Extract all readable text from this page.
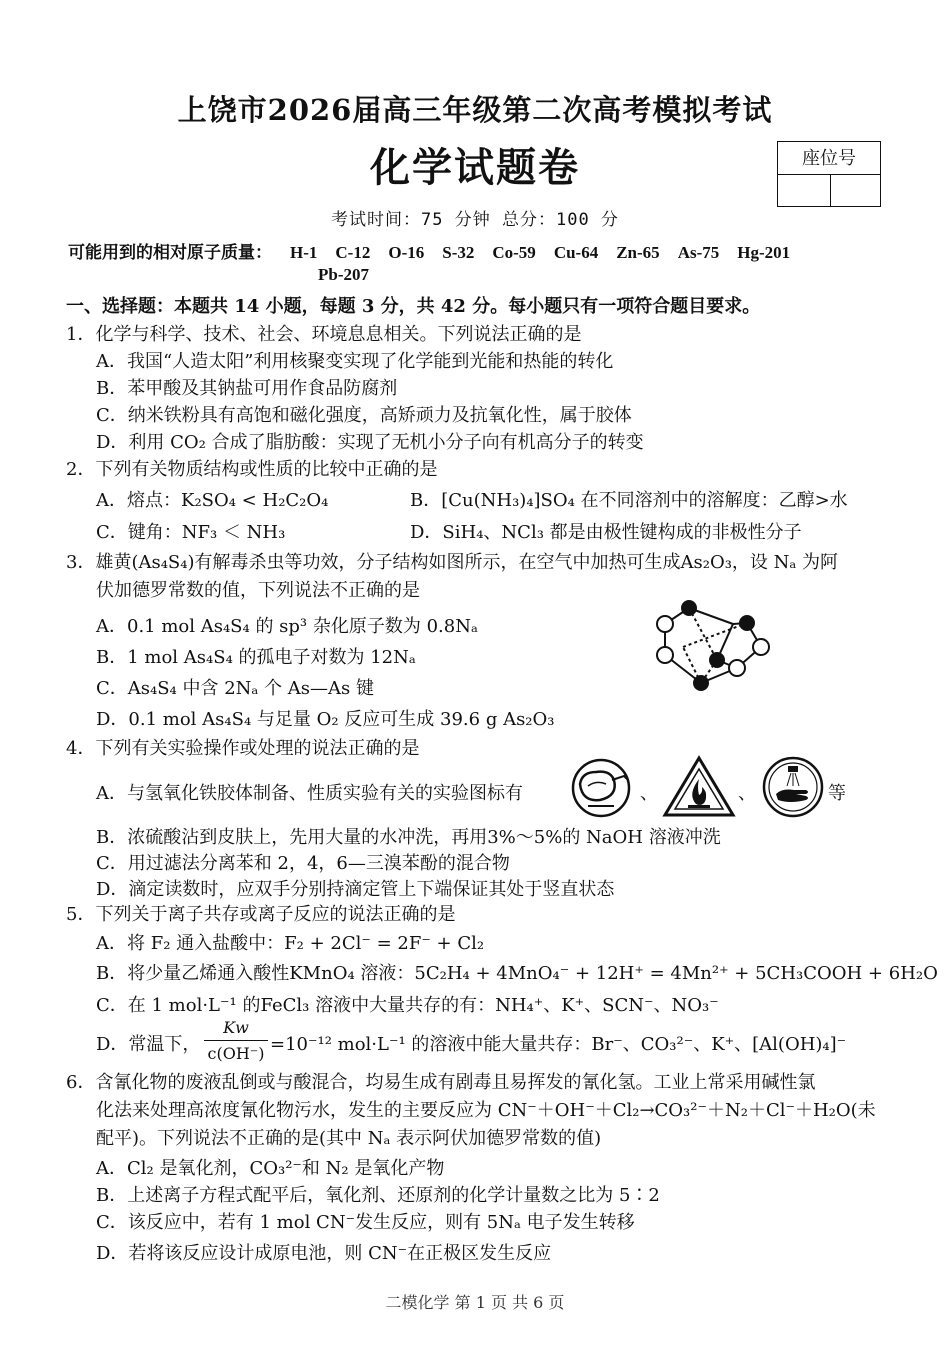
上饶市2026届高三年级第二次高考模拟考试
化学试题卷	座位号
考试时间：75 分钟 总分：100 分
可能用到的相对原子质量： H-1 C-12 O-16 S-32 Co-59 Cu-64 Zn-65 As-75 Hg-201
Pb-207
一、选择题：本题共 14 小题，每题 3 分，共 42 分。每小题只有一项符合题目要求。
1．化学与科学、技术、社会、环境息息相关。下列说法正确的是
A．我国“人造太阳”利用核聚变实现了化学能到光能和热能的转化
B．苯甲酸及其钠盐可用作食品防腐剂
C．纳米铁粉具有高饱和磁化强度，高矫顽力及抗氧化性，属于胶体
D．利用 CO₂ 合成了脂肪酸：实现了无机小分子向有机高分子的转变
2．下列有关物质结构或性质的比较中正确的是
A．熔点：K₂SO₄ < H₂C₂O₄	B．[Cu(NH₃)₄]SO₄ 在不同溶剂中的溶解度：乙醇>水
C．键角：NF₃ ＜ NH₃	D．SiH₄、NCl₃ 都是由极性键构成的非极性分子
3．雄黄(As₄S₄)有解毒杀虫等功效，分子结构如图所示，在空气中加热可生成As₂O₃，设 Nₐ 为阿
伏加德罗常数的值，下列说法不正确的是
A．0.1 mol As₄S₄ 的 sp³ 杂化原子数为 0.8Nₐ
B．1 mol As₄S₄ 的孤电子对数为 12Nₐ
C．As₄S₄ 中含 2Nₐ 个 As—As 键
D．0.1 mol As₄S₄ 与足量 O₂ 反应可生成 39.6 g As₂O₃
4．下列有关实验操作或处理的说法正确的是
A．与氢氧化铁胶体制备、性质实验有关的实验图标有	、	、	等
B．浓硫酸沾到皮肤上，先用大量的水冲洗，再用3%～5%的 NaOH 溶液冲洗
C．用过滤法分离苯和 2，4，6—三溴苯酚的混合物
D．滴定读数时，应双手分别持滴定管上下端保证其处于竖直状态
5．下列关于离子共存或离子反应的说法正确的是
A．将 F₂ 通入盐酸中：F₂ + 2Cl⁻ = 2F⁻ + Cl₂
B．将少量乙烯通入酸性KMnO₄ 溶液：5C₂H₄ + 4MnO₄⁻ + 12H⁺ = 4Mn²⁺ + 5CH₃COOH + 6H₂O
C．在 1 mol·L⁻¹ 的FeCl₃ 溶液中大量共存的有：NH₄⁺、K⁺、SCN⁻、NO₃⁻
D．常温下，
Kw
c(OH⁻) =10⁻¹² mol·L⁻¹ 的溶液中能大量共存：Br⁻、CO₃²⁻、K⁺、[Al(OH)₄]⁻
6．含氰化物的废液乱倒或与酸混合，均易生成有剧毒且易挥发的氰化氢。工业上常采用碱性氯
化法来处理高浓度氰化物污水，发生的主要反应为 CN⁻＋OH⁻＋Cl₂→CO₃²⁻＋N₂＋Cl⁻＋H₂O(未
配平)。下列说法不正确的是(其中 Nₐ 表示阿伏加德罗常数的值)
A．Cl₂ 是氧化剂，CO₃²⁻和 N₂ 是氧化产物
B．上述离子方程式配平后，氧化剂、还原剂的化学计量数之比为 5∶2
C．该反应中，若有 1 mol CN⁻发生反应，则有 5Nₐ 电子发生转移
D．若将该反应设计成原电池，则 CN⁻在正极区发生反应
二模化学 第 1 页 共 6 页
